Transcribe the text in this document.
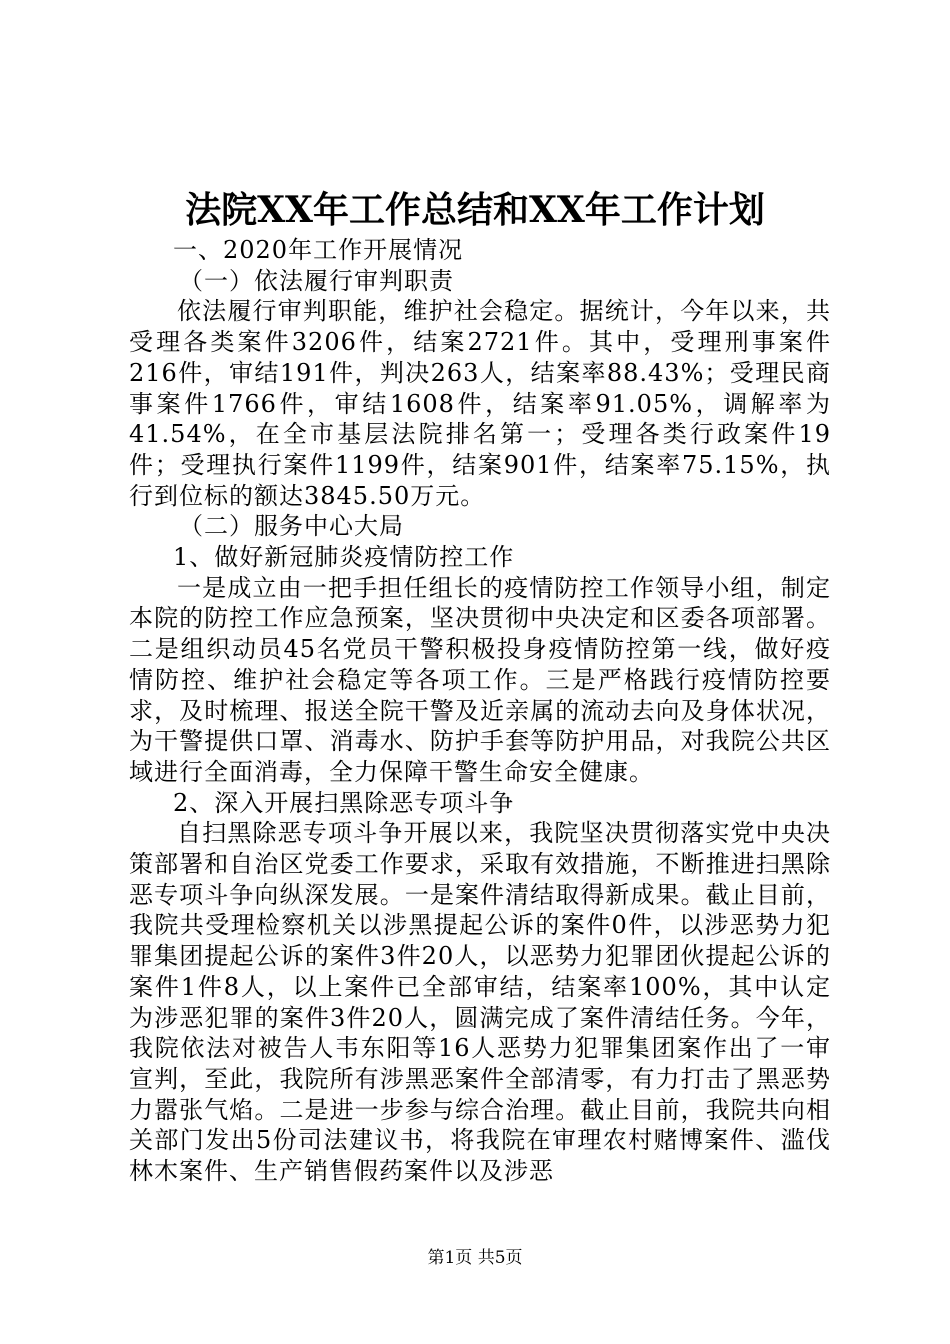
法院XX年工作总结和XX年工作计划

一、2020年工作开展情况

（一）依法履行审判职责

依法履行审判职能，维护社会稳定。据统计，今年以来，共受理各类案件3206件，结案2721件。其中，受理刑事案件216件，审结191件，判决263人，结案率88.43%；受理民商事案件1766件，审结1608件，结案率91.05%，调解率为41.54%，在全市基层法院排名第一；受理各类行政案件19件；受理执行案件1199件，结案901件，结案率75.15%，执行到位标的额达3845.50万元。

（二）服务中心大局

1、做好新冠肺炎疫情防控工作

一是成立由一把手担任组长的疫情防控工作领导小组，制定本院的防控工作应急预案，坚决贯彻中央决定和区委各项部署。二是组织动员45名党员干警积极投身疫情防控第一线，做好疫情防控、维护社会稳定等各项工作。三是严格践行疫情防控要求，及时梳理、报送全院干警及近亲属的流动去向及身体状况，为干警提供口罩、消毒水、防护手套等防护用品，对我院公共区域进行全面消毒，全力保障干警生命安全健康。

2、深入开展扫黑除恶专项斗争

自扫黑除恶专项斗争开展以来，我院坚决贯彻落实党中央决策部署和自治区党委工作要求，采取有效措施，不断推进扫黑除恶专项斗争向纵深发展。一是案件清结取得新成果。截止目前，我院共受理检察机关以涉黑提起公诉的案件0件，以涉恶势力犯罪集团提起公诉的案件3件20人，以恶势力犯罪团伙提起公诉的案件1件8人，以上案件已全部审结，结案率100%，其中认定为涉恶犯罪的案件3件20人，圆满完成了案件清结任务。今年，我院依法对被告人韦东阳等16人恶势力犯罪集团案作出了一审宣判，至此，我院所有涉黑恶案件全部清零，有力打击了黑恶势力嚣张气焰。二是进一步参与综合治理。截止目前，我院共向相关部门发出5份司法建议书，将我院在审理农村赌博案件、滥伐林木案件、生产销售假药案件以及涉恶

第1页 共5页
